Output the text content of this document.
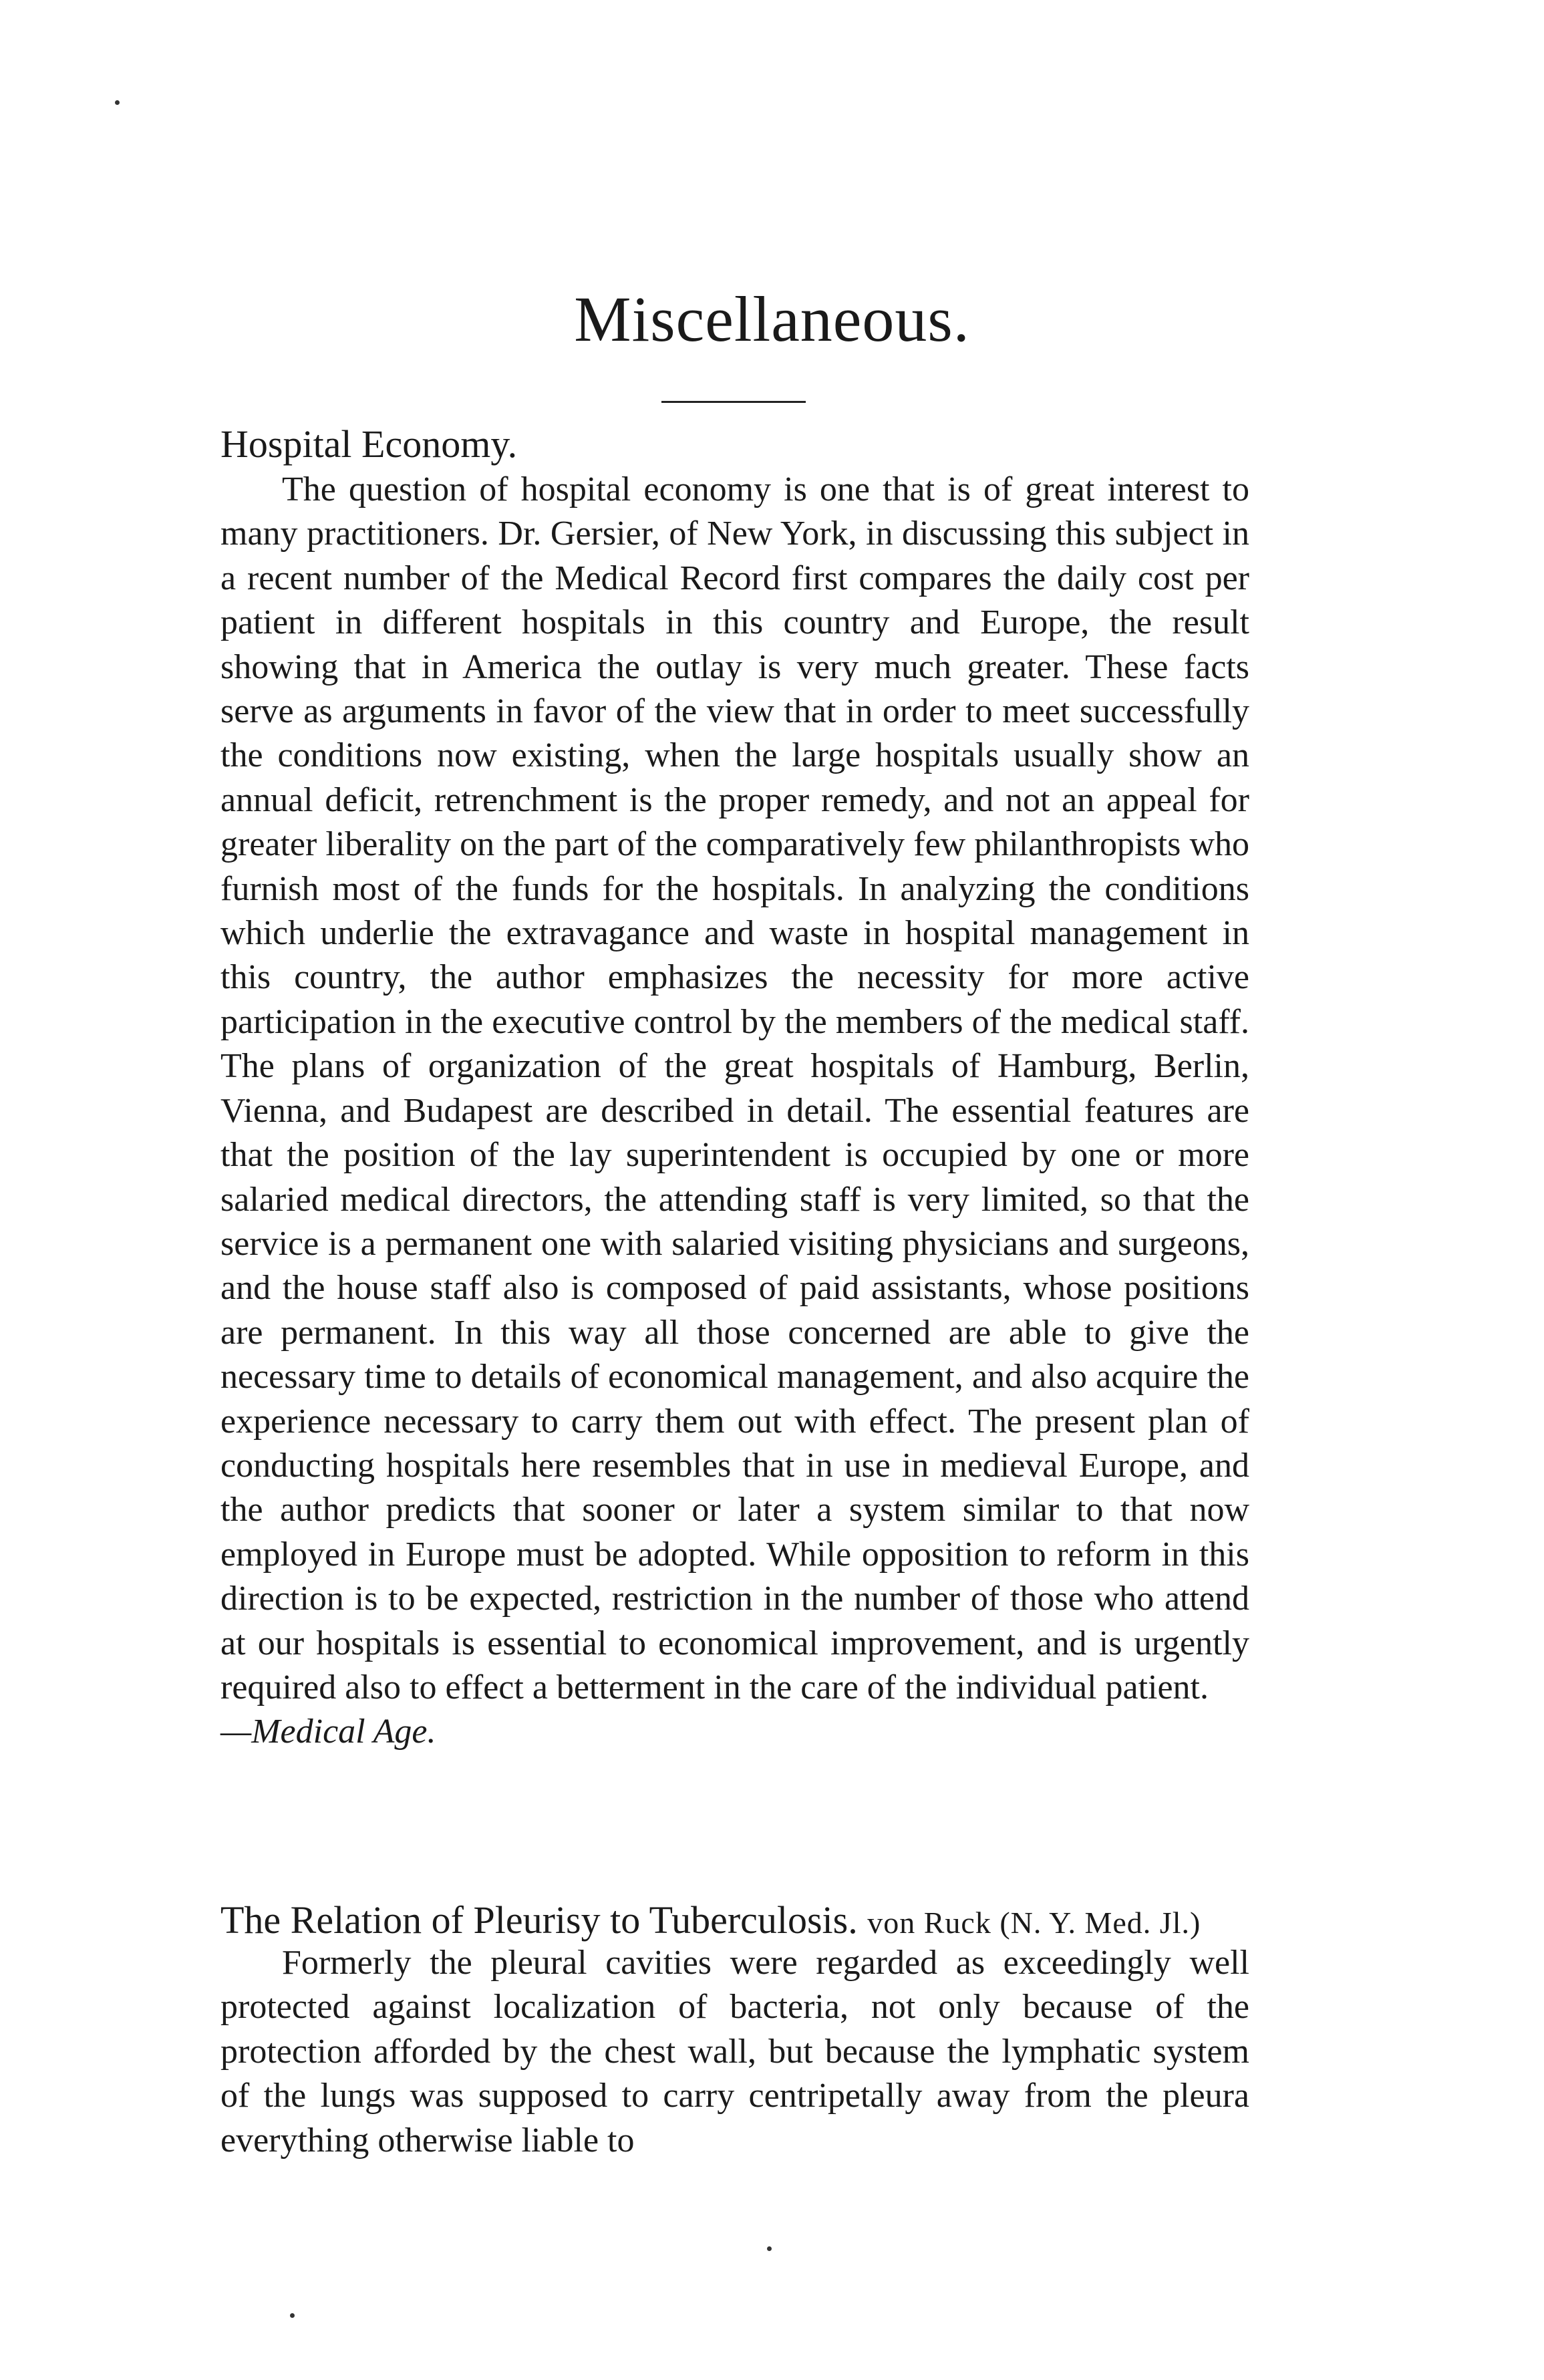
Miscellaneous.
Hospital Economy.

The question of hospital economy is one that is of great interest to many practitioners. Dr. Gersier, of New York, in discussing this subject in a recent number of the Medical Record first compares the daily cost per patient in different hospitals in this country and Europe, the result showing that in America the outlay is very much greater. These facts serve as arguments in favor of the view that in order to meet successfully the conditions now existing, when the large hospitals usually show an annual deficit, retrenchment is the proper remedy, and not an appeal for greater liberality on the part of the comparatively few philanthropists who furnish most of the funds for the hospitals. In analyzing the conditions which underlie the extravagance and waste in hospital management in this country, the author emphasizes the necessity for more active participation in the executive control by the members of the medical staff. The plans of organization of the great hospitals of Hamburg, Berlin, Vienna, and Budapest are described in detail. The essential features are that the position of the lay superintendent is occupied by one or more salaried medical directors, the attending staff is very limited, so that the service is a permanent one with salaried visiting physicians and surgeons, and the house staff also is composed of paid assistants, whose positions are permanent. In this way all those concerned are able to give the necessary time to details of economical management, and also acquire the experience necessary to carry them out with effect. The present plan of conducting hospitals here resembles that in use in medieval Europe, and the author predicts that sooner or later a system similar to that now employed in Europe must be adopted. While opposition to reform in this direction is to be expected, restriction in the number of those who attend at our hospitals is essential to economical improvement, and is urgently required also to effect a betterment in the care of the individual patient.
—Medical Age.

The Relation of Pleurisy to Tuberculosis. von Ruck (N. Y. Med. Jl.)

Formerly the pleural cavities were regarded as exceedingly well protected against localization of bacteria, not only because of the protection afforded by the chest wall, but because the lymphatic system of the lungs was supposed to carry centripetally away from the pleura everything otherwise liable to
